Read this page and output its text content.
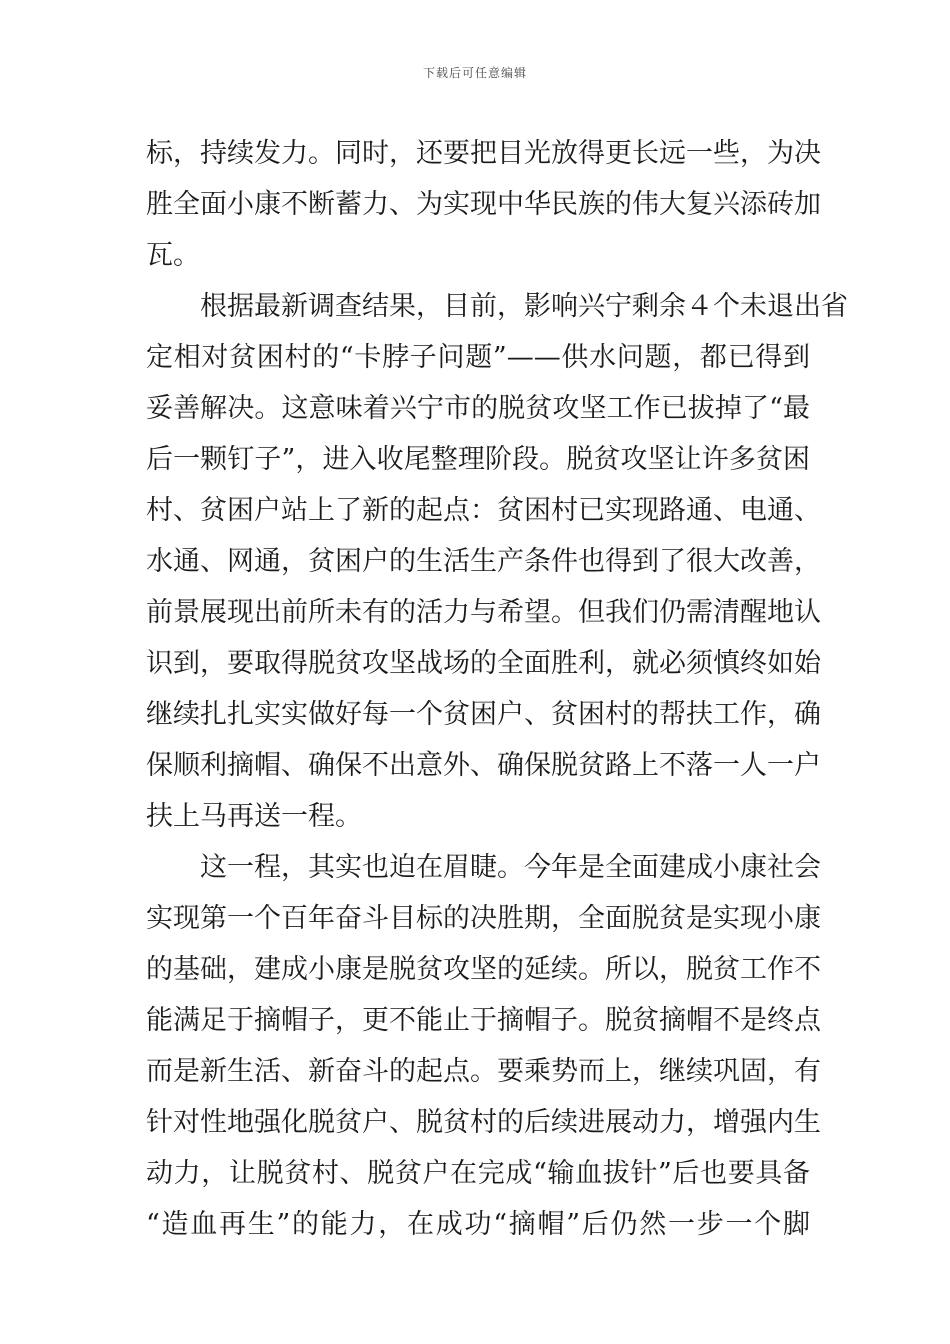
下载后可任意编辑
标，持续发力。同时，还要把目光放得更长远一些，为决
胜全面小康不断蓄力、为实现中华民族的伟大复兴添砖加
瓦。
根据最新调查结果，目前，影响兴宁剩余４个未退出省
定相对贫困村的“卡脖子问题”——供水问题，都已得到
妥善解决。这意味着兴宁市的脱贫攻坚工作已拔掉了“最
后一颗钉子”，进入收尾整理阶段。脱贫攻坚让许多贫困
村、贫困户站上了新的起点：贫困村已实现路通、电通、
水通、网通，贫困户的生活生产条件也得到了很大改善，
前景展现出前所未有的活力与希望。但我们仍需清醒地认
识到，要取得脱贫攻坚战场的全面胜利，就必须慎终如始
继续扎扎实实做好每一个贫困户、贫困村的帮扶工作，确
保顺利摘帽、确保不出意外、确保脱贫路上不落一人一户
扶上马再送一程。
这一程，其实也迫在眉睫。今年是全面建成小康社会
实现第一个百年奋斗目标的决胜期，全面脱贫是实现小康
的基础，建成小康是脱贫攻坚的延续。所以，脱贫工作不
能满足于摘帽子，更不能止于摘帽子。脱贫摘帽不是终点
而是新生活、新奋斗的起点。要乘势而上，继续巩固，有
针对性地强化脱贫户、脱贫村的后续进展动力，增强内生
动力，让脱贫村、脱贫户在完成“输血拔针”后也要具备
“造血再生”的能力，在成功“摘帽”后仍然一步一个脚
